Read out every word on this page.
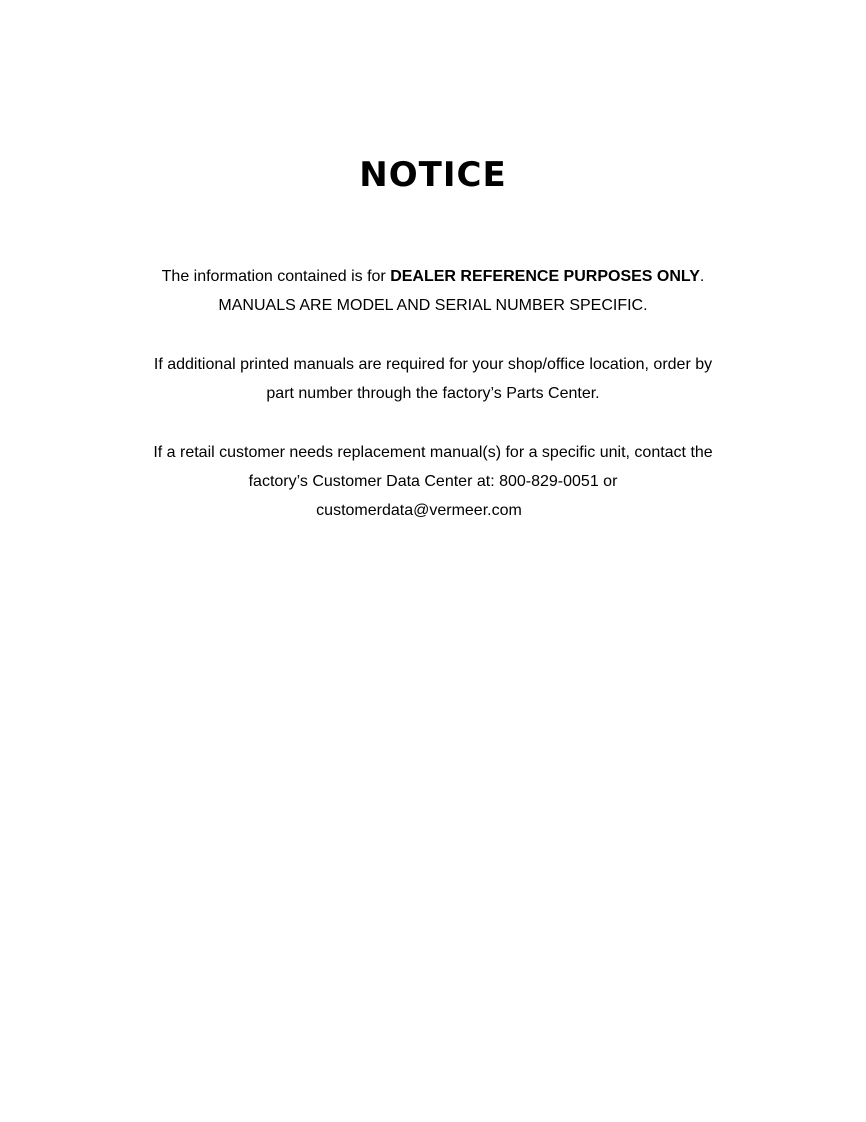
NOTICE
The information contained is for DEALER REFERENCE PURPOSES ONLY.
MANUALS ARE MODEL AND SERIAL NUMBER SPECIFIC.
If additional printed manuals are required for your shop/office location, order by
part number through the factory’s Parts Center.
If a retail customer needs replacement manual(s) for a specific unit, contact the
factory’s Customer Data Center at: 800-829-0051 or
customerdata@vermeer.com
